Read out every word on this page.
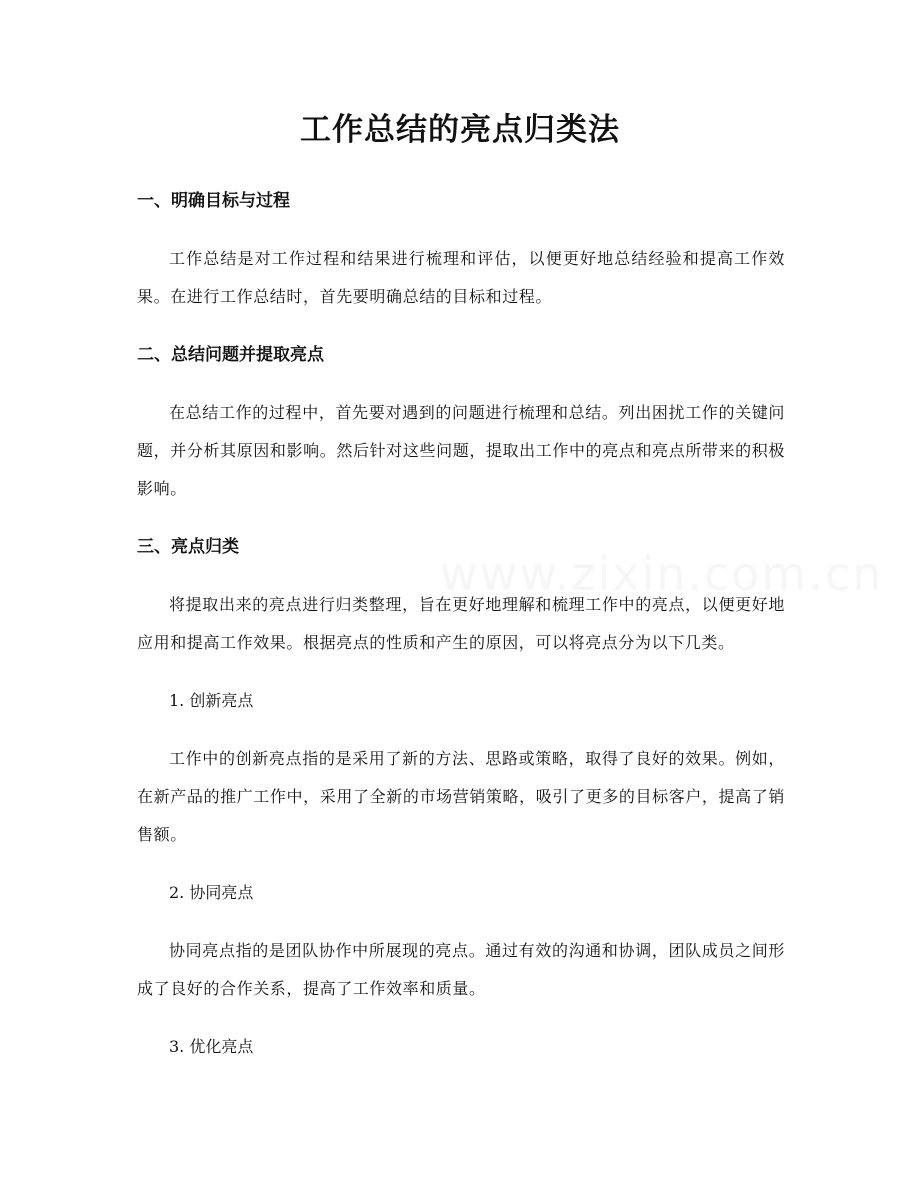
www.zixin.com.cn
工作总结的亮点归类法
一、明确目标与过程

工作总结是对工作过程和结果进行梳理和评估，以便更好地总结经验和提高工作效果。在进行工作总结时，首先要明确总结的目标和过程。

二、总结问题并提取亮点

在总结工作的过程中，首先要对遇到的问题进行梳理和总结。列出困扰工作的关键问题，并分析其原因和影响。然后针对这些问题，提取出工作中的亮点和亮点所带来的积极影响。

三、亮点归类

将提取出来的亮点进行归类整理，旨在更好地理解和梳理工作中的亮点，以便更好地应用和提高工作效果。根据亮点的性质和产生的原因，可以将亮点分为以下几类。

1. 创新亮点

工作中的创新亮点指的是采用了新的方法、思路或策略，取得了良好的效果。例如，在新产品的推广工作中，采用了全新的市场营销策略，吸引了更多的目标客户，提高了销售额。

2. 协同亮点

协同亮点指的是团队协作中所展现的亮点。通过有效的沟通和协调，团队成员之间形成了良好的合作关系，提高了工作效率和质量。

3. 优化亮点
